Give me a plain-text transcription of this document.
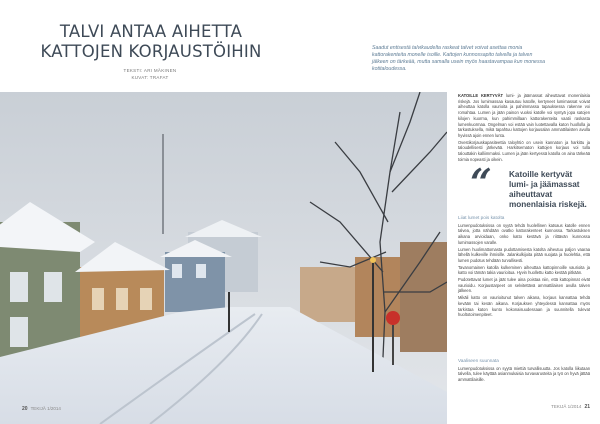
TALVI ANTAA AIHETTA KATTOJEN KORJAUSTÖIHIN
TEKSTI: ARI MÄKINEN
KUVAT: TRAFAT

Saadut entisestä talvikaudelta raskeat talvet voivat asettaa monia kattorakenteita monelle isoille. Kattojen kunnossapito talvella ja talven jälkeen on tärkeää, mutta samalla usein myös haastavampaa kun monessa kotitaloudessa.

KATOILLE KERTYVÄT lumi- ja jäämassat aiheuttavat monenlaisia riskejä. Jos lumimassaa kasautuu katolle, kertyneet lumimassat voivat aiheuttaa katolla vaurioita ja pahimmassa tapauksessa rakenne voi romahtaa. Lumen ja jään painon vuoksi katolle voi syntyä jopa satojen kilojen kuorma, kun pahimmillaan kattorakenteita vaatii raskasta lumenkuormaa. Ongelman voi estää vain luotettavalla katon huollolla ja tarkastuksella, mikä tapahtuu kattojen korjausalan ammattilaisten avulla hyvissä ajoin ennen lunta.

Ovestikorjauskapasiteettia taloyhtiö on usein kannaton ja harkittu ja taloudellisesti järkevää. Harkitsematon kattojen korjaus voi tulla talouttakin kalliimmaksi. Lumen ja jään kertyessä katolla on aina tärkeää toimia nopeasti ja oikein.

“ Katoille kertyvät lumi- ja jäämassat aiheuttavat monenlaisia riskejä.
Liiat lumet pois katolta

Lumenpudotuksissa on syytä tehdä huolellinen katsaus katolle ennen talvea, jotta nähdään ovatko kattorakenteet kunnossa. Tarkastuksen aikana arvioidaan, onko katto kestävä ja riittävän kunnossa lumimassojen varalle.

Lumen huolimattomasta pudottamisesta katolta aiheutuu paljon vaaraa lähellä kulkeville ihmisille. Jalankulkijoita pitää suojata ja huolehtia, että lumen pudotus tehdään turvallisesti.

Tavanomainen katolla kulkeminen aiheuttaa kattopinnoille vaurioita ja katto voi tämän takia vaurioitua. Hyvin huollettu katto kestää pitkään.

Pudotettavat lumet ja jäät tulee aina poistaa niin, että kattopinnat eivät vaurioidu. Korjaustarpeet on selvitettävä ammattilaisen avulla talven jälkeen.

Mikäli katto on vaurioitunut talven aikana, korjaus kannattaa tehdä kevään tai kesän aikana. Korjauksen yhteydessä kannattaa myös tarkistaa katon kunto kokonaisuudessaan ja suunnitella tulevat huoltotoimenpiteet.

Vaaliseen suunnata

Lumenpudotuksissa on syytä miettiä turvallisuutta. Jos katolla liikutaan talvella, tulee käyttää asianmukaisia turvavarusteita ja työ on hyvä jättää ammattilaisille.

20 TEKIJÄ 1/2014	TEKIJÄ 1/2014 21
